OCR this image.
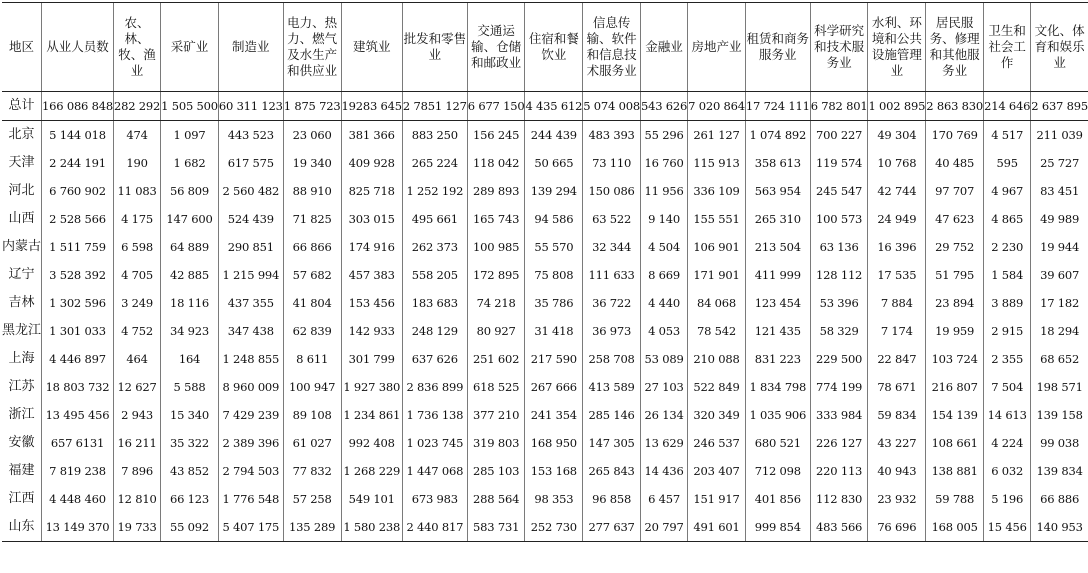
地区	从业人员数	农、林、牧、渔业	采矿业	制造业	电力、热力、燃气及水生产和供应业	建筑业	批发和零售业	交通运输、仓储和邮政业	住宿和餐饮业	信息传输、软件和信息技术服务业	金融业	房地产业	租赁和商务服务业	科学研究和技术服务业	水利、环境和公共设施管理业	居民服务、修理和其他服务业	卫生和社会工作	文化、体育和娱乐业
总计	166 086 848	282 292	1 505 500	60 311 123	1 875 723	19283 645	2 7851 127	6 677 150	4 435 612	5 074 008	543 626	7 020 864	17 724 111	6 782 801	1 002 895	2 863 830	214 646	2 637 895
北京	5 144 018	474	1 097	443 523	23 060	381 366	883 250	156 245	244 439	483 393	55 296	261 127	1 074 892	700 227	49 304	170 769	4 517	211 039
天津	2 244 191	190	1 682	617 575	19 340	409 928	265 224	118 042	50 665	73 110	16 760	115 913	358 613	119 574	10 768	40 485	595	25 727
河北	6 760 902	11 083	56 809	2 560 482	88 910	825 718	1 252 192	289 893	139 294	150 086	11 956	336 109	563 954	245 547	42 744	97 707	4 967	83 451
山西	2 528 566	4 175	147 600	524 439	71 825	303 015	495 661	165 743	94 586	63 522	9 140	155 551	265 310	100 573	24 949	47 623	4 865	49 989
内蒙古	1 511 759	6 598	64 889	290 851	66 866	174 916	262 373	100 985	55 570	32 344	4 504	106 901	213 504	63 136	16 396	29 752	2 230	19 944
辽宁	3 528 392	4 705	42 885	1 215 994	57 682	457 383	558 205	172 895	75 808	111 633	8 669	171 901	411 999	128 112	17 535	51 795	1 584	39 607
吉林	1 302 596	3 249	18 116	437 355	41 804	153 456	183 683	74 218	35 786	36 722	4 440	84 068	123 454	53 396	7 884	23 894	3 889	17 182
黑龙江	1 301 033	4 752	34 923	347 438	62 839	142 933	248 129	80 927	31 418	36 973	4 053	78 542	121 435	58 329	7 174	19 959	2 915	18 294
上海	4 446 897	464	164	1 248 855	8 611	301 799	637 626	251 602	217 590	258 708	53 089	210 088	831 223	229 500	22 847	103 724	2 355	68 652
江苏	18 803 732	12 627	5 588	8 960 009	100 947	1 927 380	2 836 899	618 525	267 666	413 589	27 103	522 849	1 834 798	774 199	78 671	216 807	7 504	198 571
浙江	13 495 456	2 943	15 340	7 429 239	89 108	1 234 861	1 736 138	377 210	241 354	285 146	26 134	320 349	1 035 906	333 984	59 834	154 139	14 613	139 158
安徽	657 6131	16 211	35 322	2 389 396	61 027	992 408	1 023 745	319 803	168 950	147 305	13 629	246 537	680 521	226 127	43 227	108 661	4 224	99 038
福建	7 819 238	7 896	43 852	2 794 503	77 832	1 268 229	1 447 068	285 103	153 168	265 843	14 436	203 407	712 098	220 113	40 943	138 881	6 032	139 834
江西	4 448 460	12 810	66 123	1 776 548	57 258	549 101	673 983	288 564	98 353	96 858	6 457	151 917	401 856	112 830	23 932	59 788	5 196	66 886
山东	13 149 370	19 733	55 092	5 407 175	135 289	1 580 238	2 440 817	583 731	252 730	277 637	20 797	491 601	999 854	483 566	76 696	168 005	15 456	140 953
